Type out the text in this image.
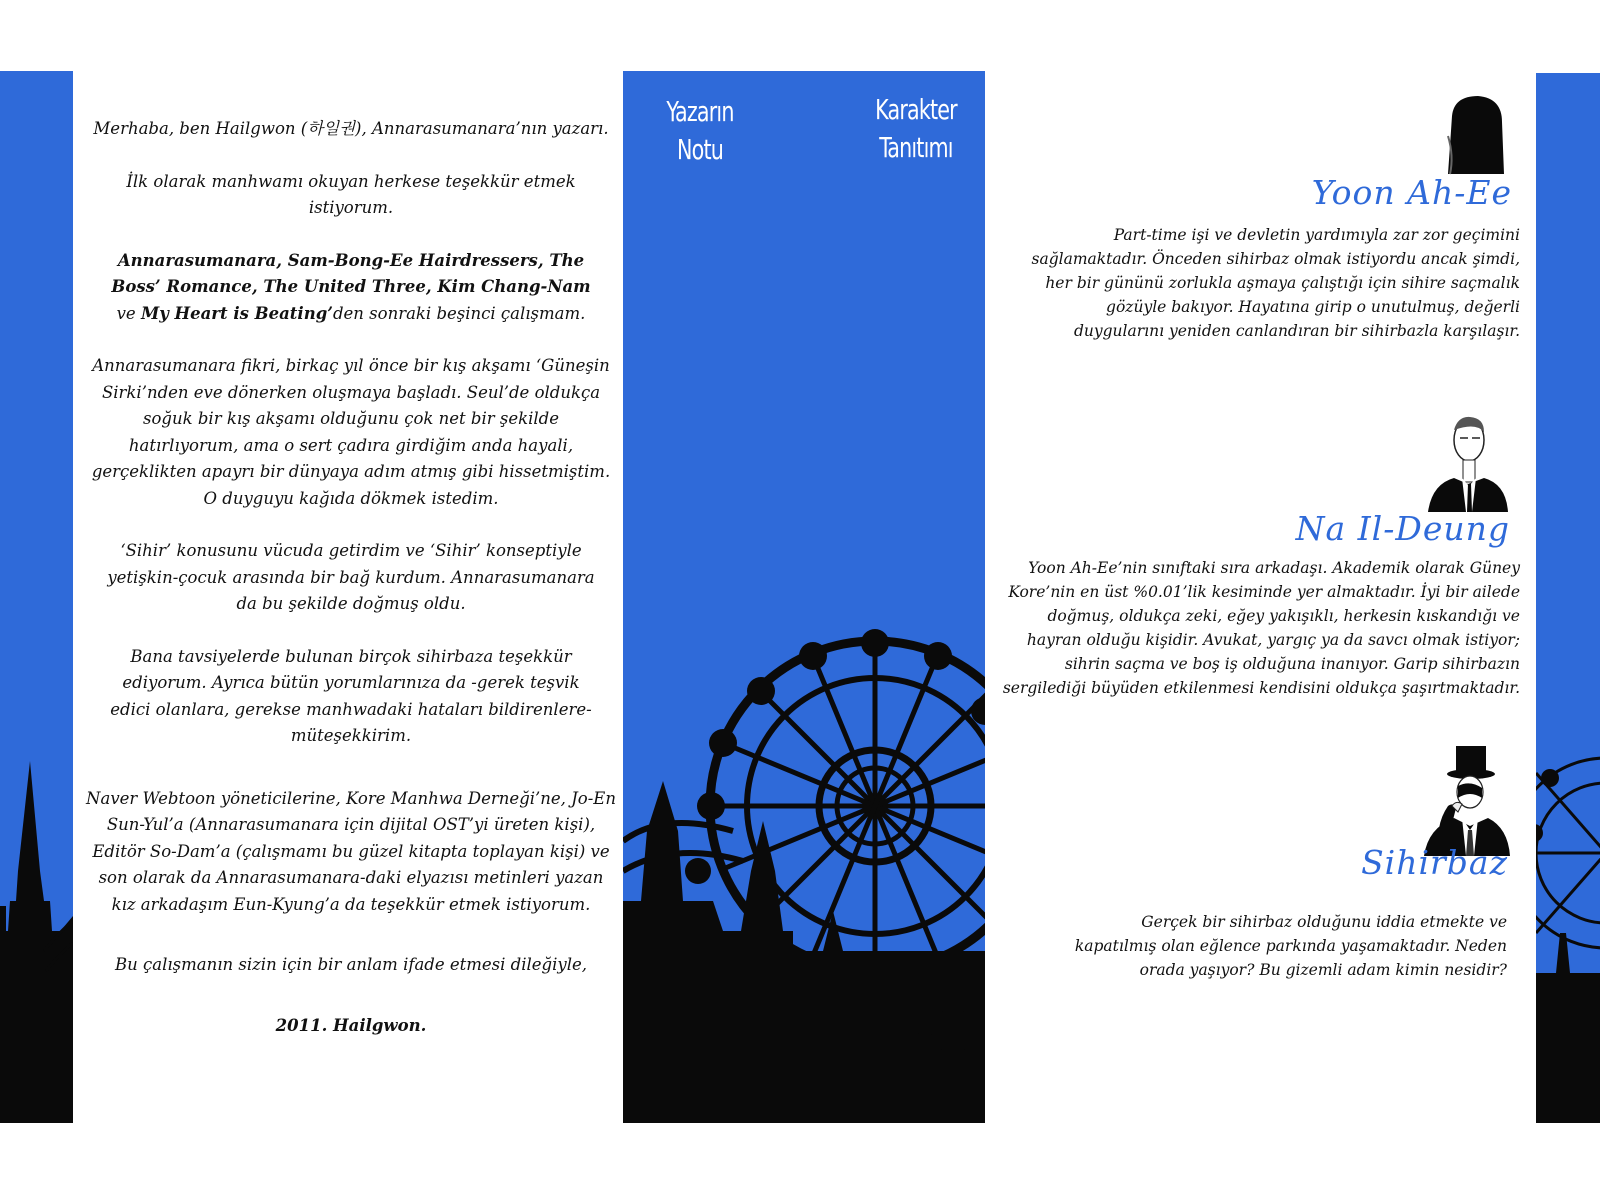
Yazarın Notu
Karakter Tanıtımı

Merhaba, ben Hailgwon (하일권), Annarasumanara’nın yazarı.

İlk olarak manhwamı okuyan herkese teşekkür etmek istiyorum.

Annarasumanara, Sam-Bong-Ee Hairdressers, The Boss’ Romance, The United Three, Kim Chang-Nam ve My Heart is Beating’den sonraki beşinci çalışmam.

Annarasumanara fikri, birkaç yıl önce bir kış akşamı ‘Güneşin Sirki’nden eve dönerken oluşmaya başladı. Seul’de oldukça soğuk bir kış akşamı olduğunu çok net bir şekilde hatırlıyorum, ama o sert çadıra girdiğim anda hayali, gerçeklikten apayrı bir dünyaya adım atmış gibi hissetmiştim. O duyguyu kağıda dökmek istedim.

‘Sihir’ konusunu vücuda getirdim ve ‘Sihir’ konseptiyle yetişkin-çocuk arasında bir bağ kurdum. Annarasumanara da bu şekilde doğmuş oldu.

Bana tavsiyelerde bulunan birçok sihirbaza teşekkür ediyorum. Ayrıca bütün yorumlarınıza da -gerek teşvik edici olanlara, gerekse manhwadaki hataları bildirenlere- müteşekkirim.

Naver Webtoon yöneticilerine, Kore Manhwa Derneği’ne, Jo-En Sun-Yul’a (Annarasumanara için dijital OST’yi üreten kişi), Editör So-Dam’a (çalışmamı bu güzel kitapta toplayan kişi) ve son olarak da Annarasumanara-daki elyazısı metinleri yazan kız arkadaşım Eun-Kyung’a da teşekkür etmek istiyorum.

Bu çalışmanın sizin için bir anlam ifade etmesi dileğiyle,

2011. Hailgwon.

Yoon Ah-Ee
Part-time işi ve devletin yardımıyla zar zor geçimini sağlamaktadır. Önceden sihirbaz olmak istiyordu ancak şimdi, her bir gününü zorlukla aşmaya çalıştığı için sihire saçmalık gözüyle bakıyor. Hayatına girip o unutulmuş, değerli duygularını yeniden canlandıran bir sihirbazla karşılaşır.
Na Il-Deung
Yoon Ah-Ee’nin sınıftaki sıra arkadaşı. Akademik olarak Güney Kore’nin en üst %0.01’lik kesiminde yer almaktadır. İyi bir ailede doğmuş, oldukça zeki, eğey yakışıklı, herkesin kıskandığı ve hayran olduğu kişidir. Avukat, yargıç ya da savcı olmak istiyor; sihrin saçma ve boş iş olduğuna inanıyor. Garip sihirbazın sergilediği büyüden etkilenmesi kendisini oldukça şaşırtmaktadır.
Sihirbaz
Gerçek bir sihirbaz olduğunu iddia etmekte ve kapatılmış olan eğlence parkında yaşamaktadır. Neden orada yaşıyor? Bu gizemli adam kimin nesidir?
